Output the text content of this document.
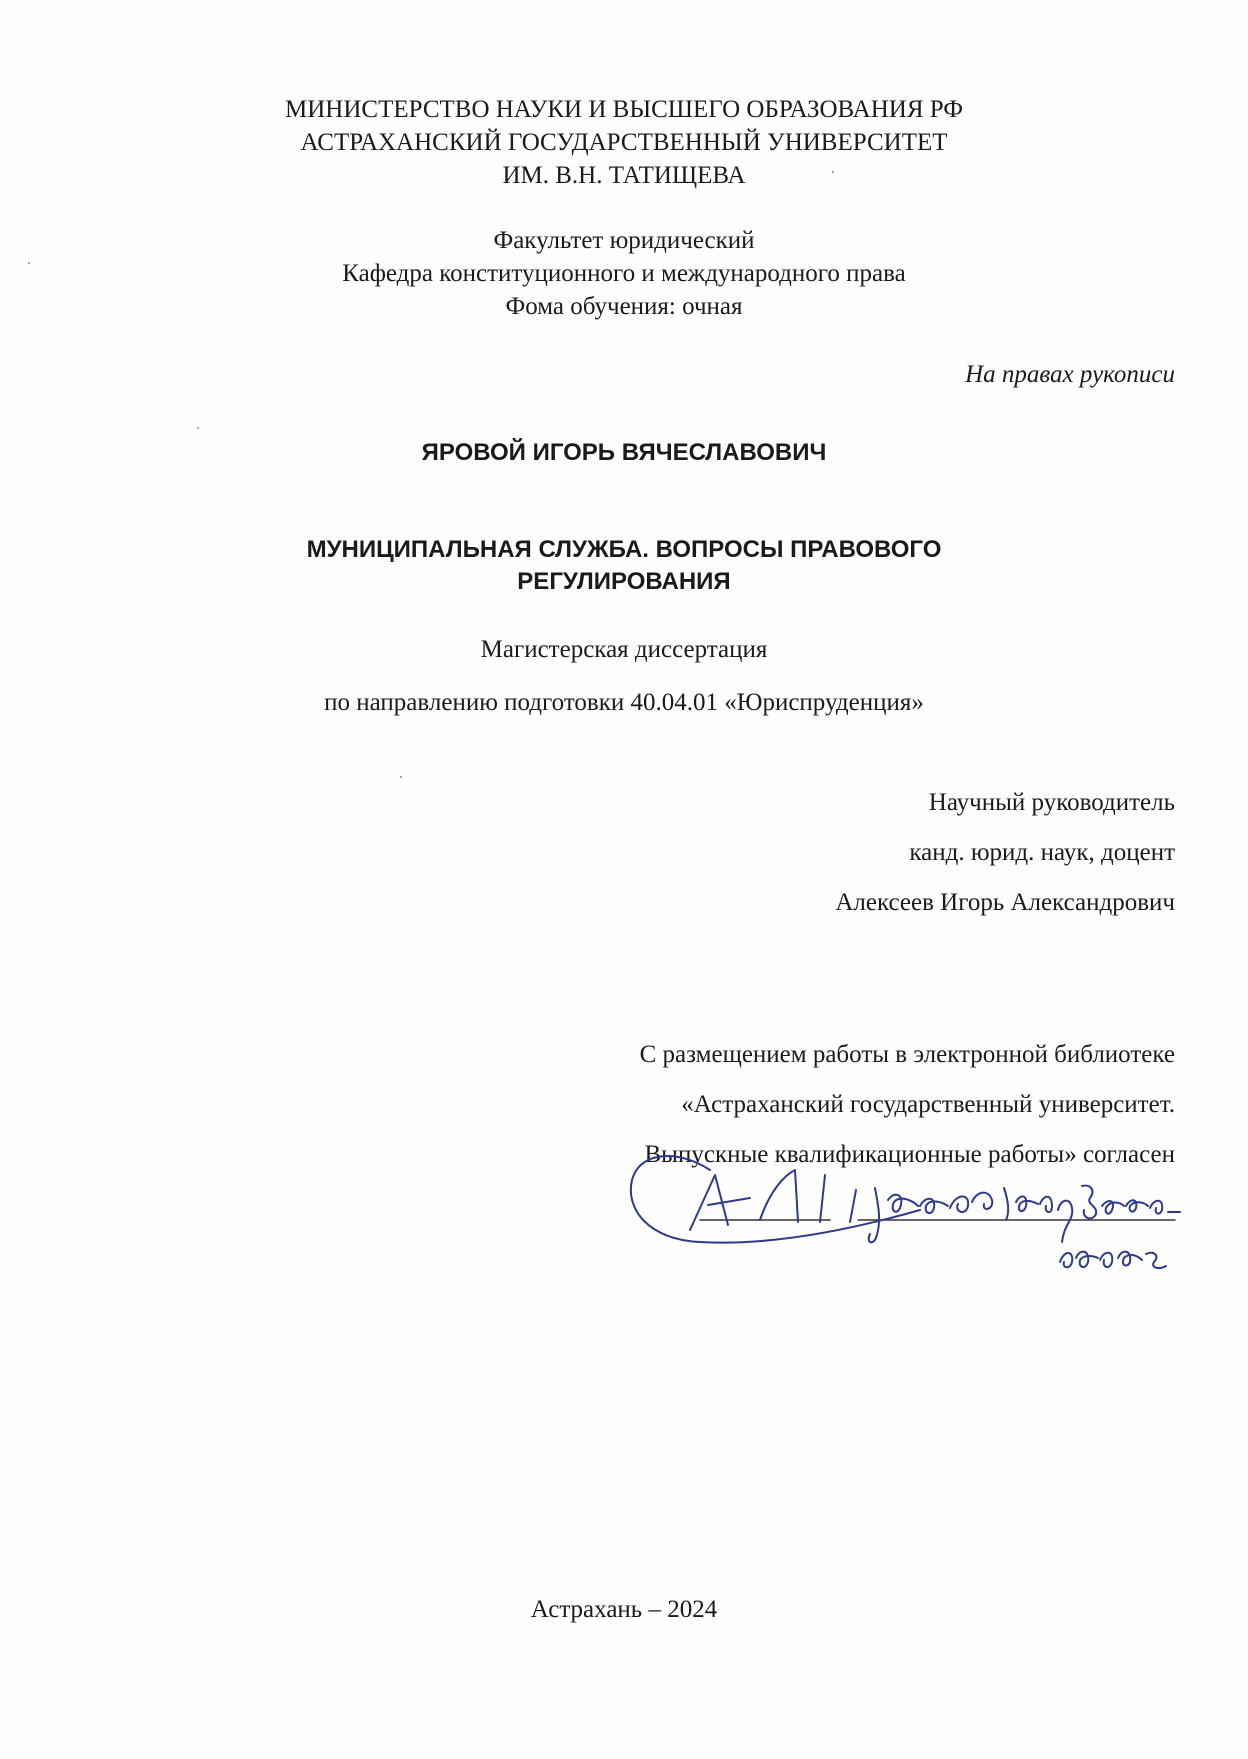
МИНИСТЕРСТВО НАУКИ И ВЫСШЕГО ОБРАЗОВАНИЯ РФ
АСТРАХАНСКИЙ ГОСУДАРСТВЕННЫЙ УНИВЕРСИТЕТ
ИМ. В.Н. ТАТИЩЕВА
Факультет юридический
Кафедра конституционного и международного права
Фома обучения: очная
На правах рукописи
ЯРОВОЙ ИГОРЬ ВЯЧЕСЛАВОВИЧ
МУНИЦИПАЛЬНАЯ СЛУЖБА. ВОПРОСЫ ПРАВОВОГО
РЕГУЛИРОВАНИЯ
Магистерская диссертация
по направлению подготовки 40.04.01 «Юриспруденция»
Научный руководитель
канд. юрид. наук, доцент
Алексеев Игорь Александрович
С размещением работы в электронной библиотеке
«Астраханский государственный университет.
Выпускные квалификационные работы» согласен
Астрахань – 2024
